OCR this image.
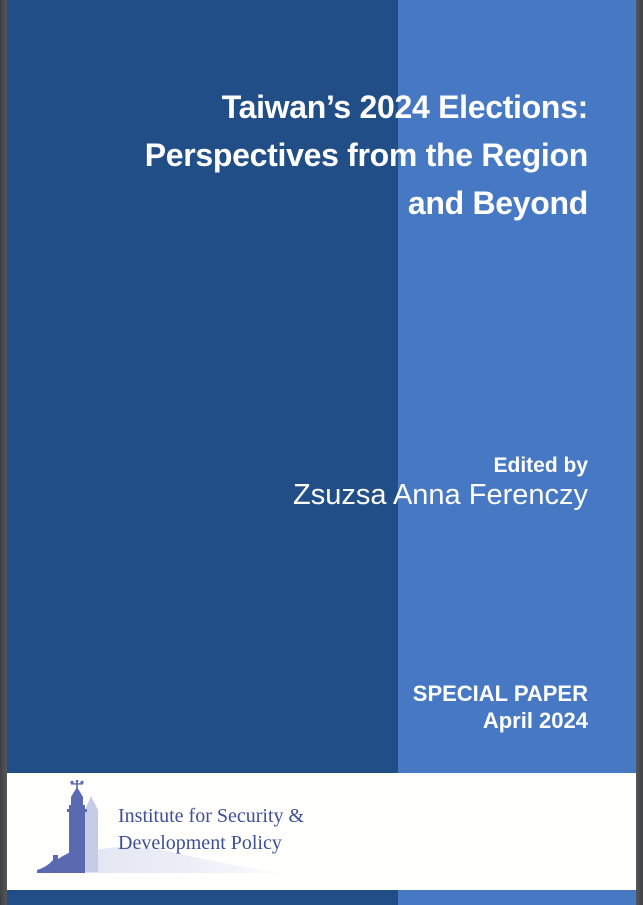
Taiwan’s 2024 Elections:
Perspectives from the Region
and Beyond
Edited by
Zsuzsa Anna Ferenczy
SPECIAL PAPER
April 2024
Institute for Security &
Development Policy
